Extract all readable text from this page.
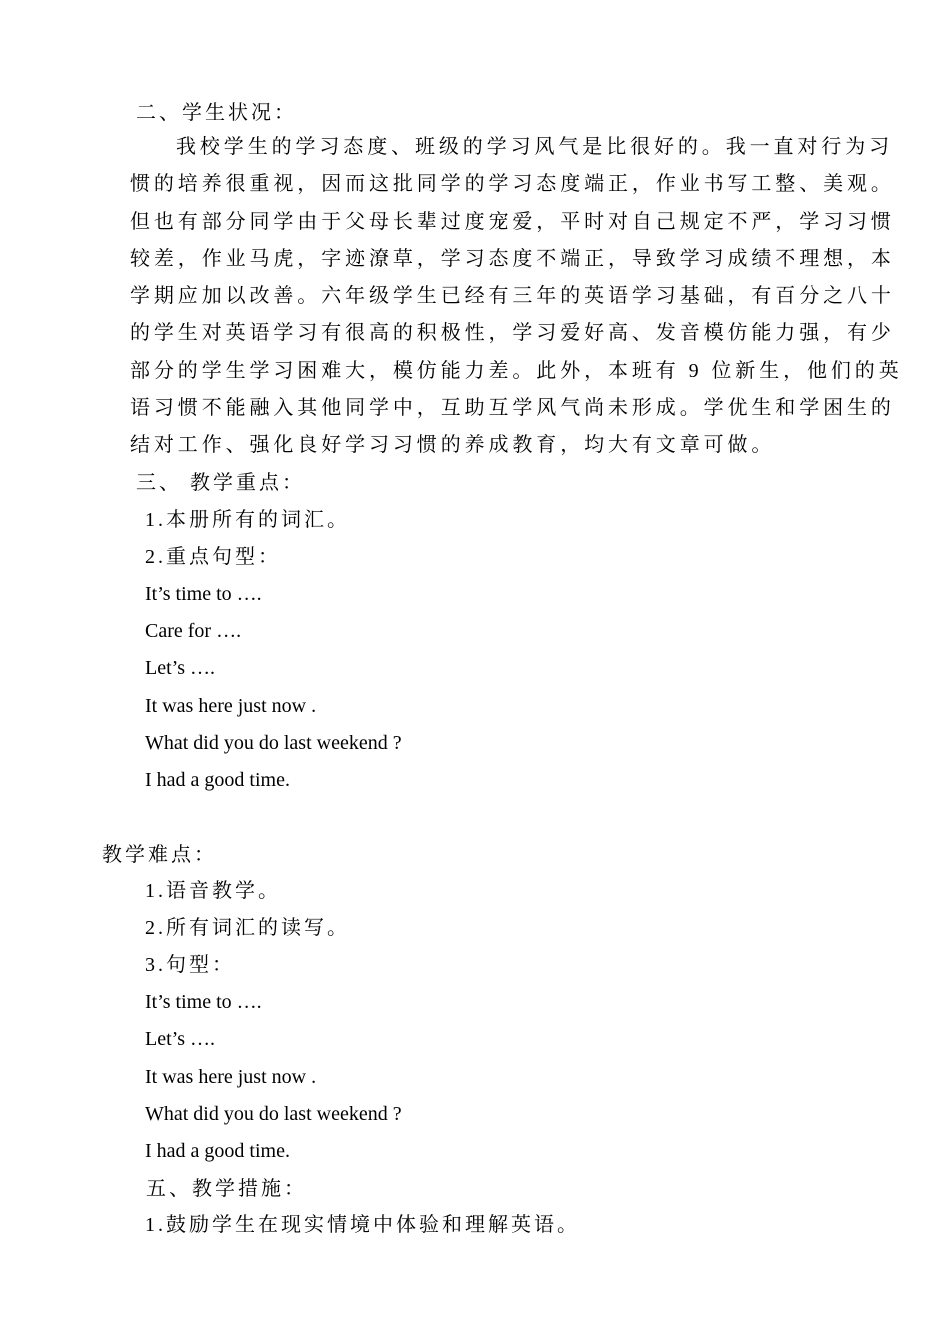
二、学生状况：
我校学生的学习态度、班级的学习风气是比很好的。我一直对行为习
惯的培养很重视，因而这批同学的学习态度端正，作业书写工整、美观。
但也有部分同学由于父母长辈过度宠爱，平时对自己规定不严，学习习惯
较差，作业马虎，字迹潦草，学习态度不端正，导致学习成绩不理想，本
学期应加以改善。六年级学生已经有三年的英语学习基础，有百分之八十
的学生对英语学习有很高的积极性，学习爱好高、发音模仿能力强，有少
部分的学生学习困难大，模仿能力差。此外，本班有 9 位新生，他们的英
语习惯不能融入其他同学中，互助互学风气尚未形成。学优生和学困生的
结对工作、强化良好学习习惯的养成教育，均大有文章可做。
三、 教学重点：
1.本册所有的词汇。
2.重点句型：
It’s time to ….
Care for ….
Let’s ….
It was here just now .
What did you do last weekend ?
I had a good time.
教学难点：
1.语音教学。
2.所有词汇的读写。
3.句型：
It’s time to ….
Let’s ….
It was here just now .
What did you do last weekend ?
I had a good time.
五、教学措施：
1.鼓励学生在现实情境中体验和理解英语。
